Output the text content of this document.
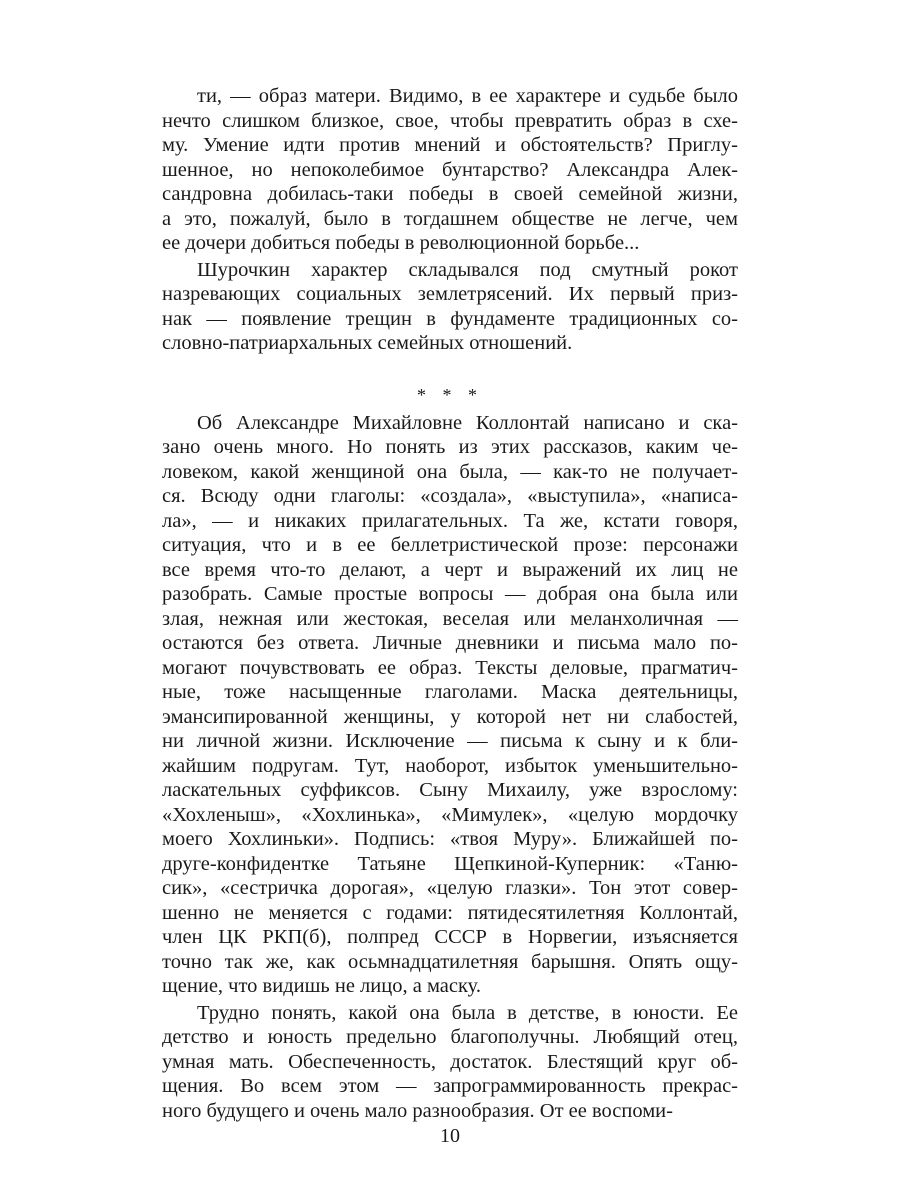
ти, — образ матери. Видимо, в ее характере и судьбе было
нечто слишком близкое, свое, чтобы превратить образ в схе-
му. Умение идти против мнений и обстоятельств? Приглу-
шенное, но непоколебимое бунтарство? Александра Алек-
сандровна добилась-таки победы в своей семейной жизни,
а это, пожалуй, было в тогдашнем обществе не легче, чем
ее дочери добиться победы в революционной борьбе...
Шурочкин характер складывался под смутный рокот
назревающих социальных землетрясений. Их первый приз-
нак — появление трещин в фундаменте традиционных со-
словно-патриархальных семейных отношений.
* * *
Об Александре Михайловне Коллонтай написано и ска-
зано очень много. Но понять из этих рассказов, каким че-
ловеком, какой женщиной она была, — как-то не получает-
ся. Всюду одни глаголы: «создала», «выступила», «написа-
ла», — и никаких прилагательных. Та же, кстати говоря,
ситуация, что и в ее беллетристической прозе: персонажи
все время что-то делают, а черт и выражений их лиц не
разобрать. Самые простые вопросы — добрая она была или
злая, нежная или жестокая, веселая или меланхоличная —
остаются без ответа. Личные дневники и письма мало по-
могают почувствовать ее образ. Тексты деловые, прагматич-
ные, тоже насыщенные глаголами. Маска деятельницы,
эмансипированной женщины, у которой нет ни слабостей,
ни личной жизни. Исключение — письма к сыну и к бли-
жайшим подругам. Тут, наоборот, избыток уменьшительно-
ласкательных суффиксов. Сыну Михаилу, уже взрослому:
«Хохленыш», «Хохлинька», «Мимулек», «целую мордочку
моего Хохлиньки». Подпись: «твоя Муру». Ближайшей по-
друге-конфидентке Татьяне Щепкиной-Куперник: «Таню-
сик», «сестричка дорогая», «целую глазки». Тон этот совер-
шенно не меняется с годами: пятидесятилетняя Коллонтай,
член ЦК РКП(б), полпред СССР в Норвегии, изъясняется
точно так же, как осьмнадцатилетняя барышня. Опять ощу-
щение, что видишь не лицо, а маску.
Трудно понять, какой она была в детстве, в юности. Ее
детство и юность предельно благополучны. Любящий отец,
умная мать. Обеспеченность, достаток. Блестящий круг об-
щения. Во всем этом — запрограммированность прекрас-
ного будущего и очень мало разнообразия. От ее воспоми-
10
